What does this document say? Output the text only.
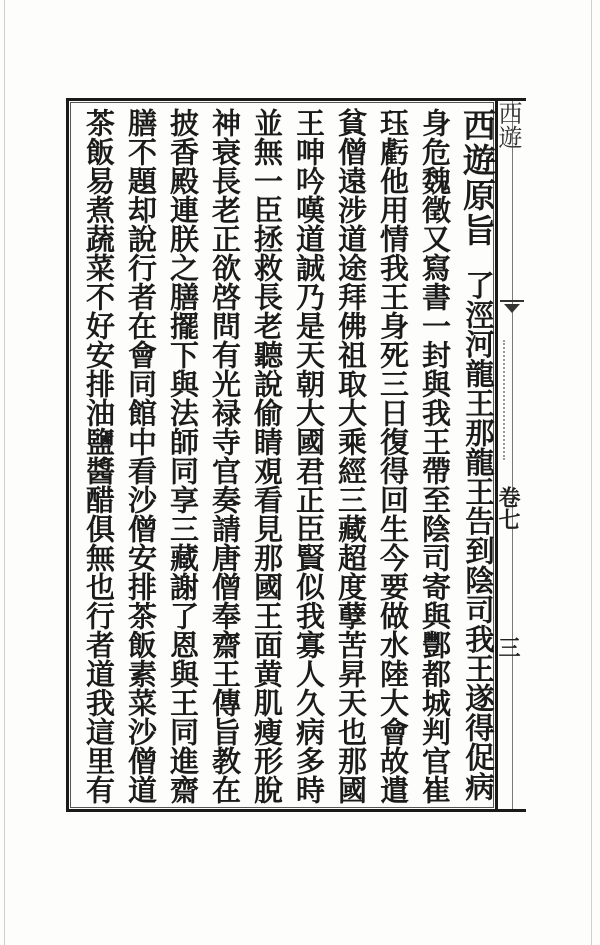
西遊
卷七
三
西遊原旨
了涇河龍王那龍王告到陰司我王遂得促病
身危魏徵又寫書一封與我王帶至陰司寄與酆都城判官崔
珏虧他用情我王身死三日復得回生今要做水陸大會故遣
貧僧遠涉道途拜佛祖取大乘經三藏超度孽苦昇天也那國
王呻吟嘆道誠乃是天朝大國君正臣賢似我寡人久病多時
並無一臣拯救長老聽說偷睛覌看見那國王面黄肌瘦形脫
神衰長老正欲啓問有光禄寺官奏請唐僧奉齋王傳旨教在
披香殿連朕之膳擺下與法師同享三藏謝了恩與王同進齋
膳不題却說行者在會同館中看沙僧安排茶飯素菜沙僧道
茶飯易煮蔬菜不好安排油鹽醬醋俱無也行者道我這里有
